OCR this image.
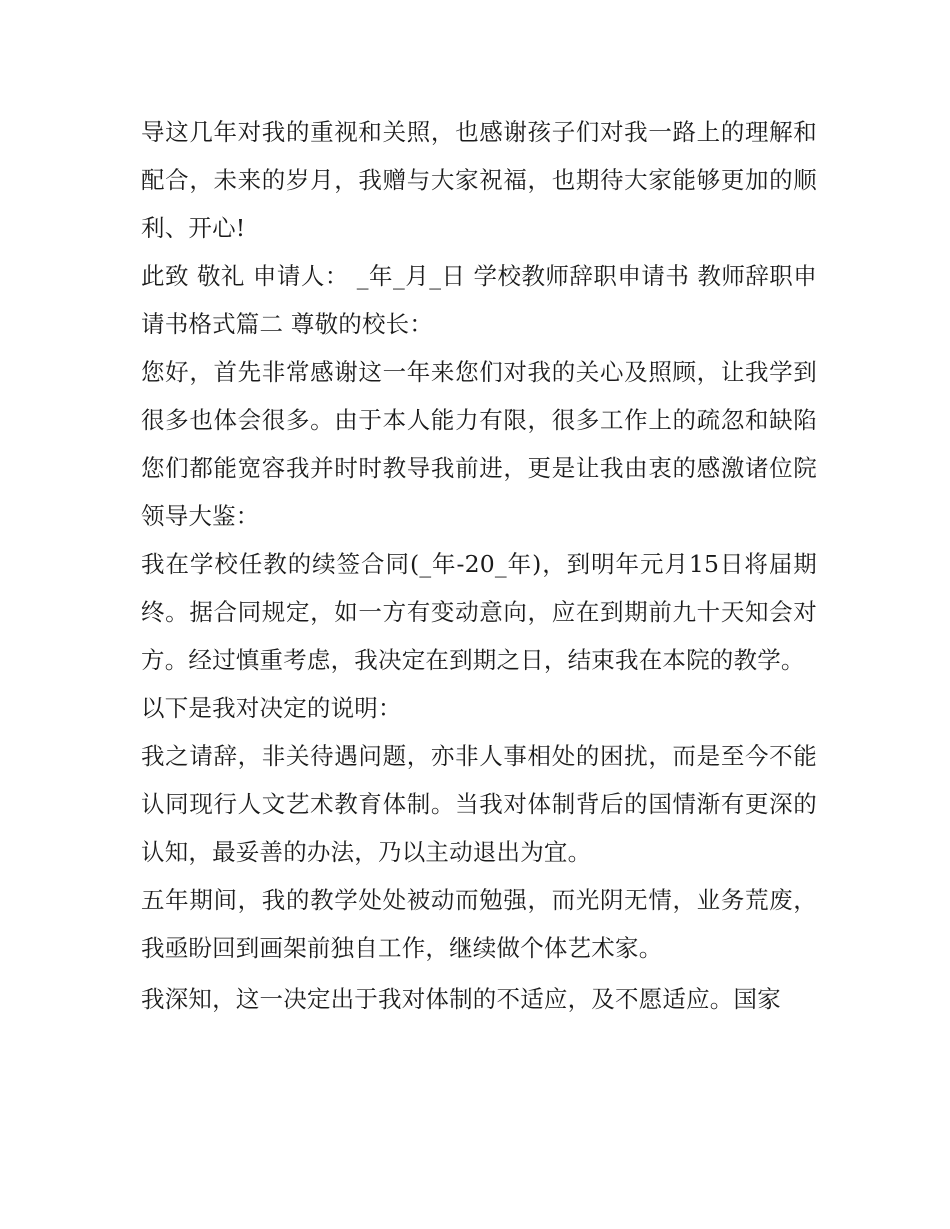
导这几年对我的重视和关照，也感谢孩子们对我一路上的理解和配合，未来的岁月，我赠与大家祝福，也期待大家能够更加的顺利、开心!

此致 敬礼 申请人： _年_月_日 学校教师辞职申请书 教师辞职申请书格式篇二 尊敬的校长：

您好，首先非常感谢这一年来您们对我的关心及照顾，让我学到很多也体会很多。由于本人能力有限，很多工作上的疏忽和缺陷您们都能宽容我并时时教导我前进，更是让我由衷的感激诸位院领导大鉴：

我在学校任教的续签合同(_年-20_年)，到明年元月15日将届期终。据合同规定，如一方有变动意向，应在到期前九十天知会对方。经过慎重考虑，我决定在到期之日，结束我在本院的教学。

以下是我对决定的说明：

我之请辞，非关待遇问题，亦非人事相处的困扰，而是至今不能认同现行人文艺术教育体制。当我对体制背后的国情渐有更深的认知，最妥善的办法，乃以主动退出为宜。

五年期间，我的教学处处被动而勉强，而光阴无情，业务荒废，我亟盼回到画架前独自工作，继续做个体艺术家。

我深知，这一决定出于我对体制的不适应，及不愿适应。国家
